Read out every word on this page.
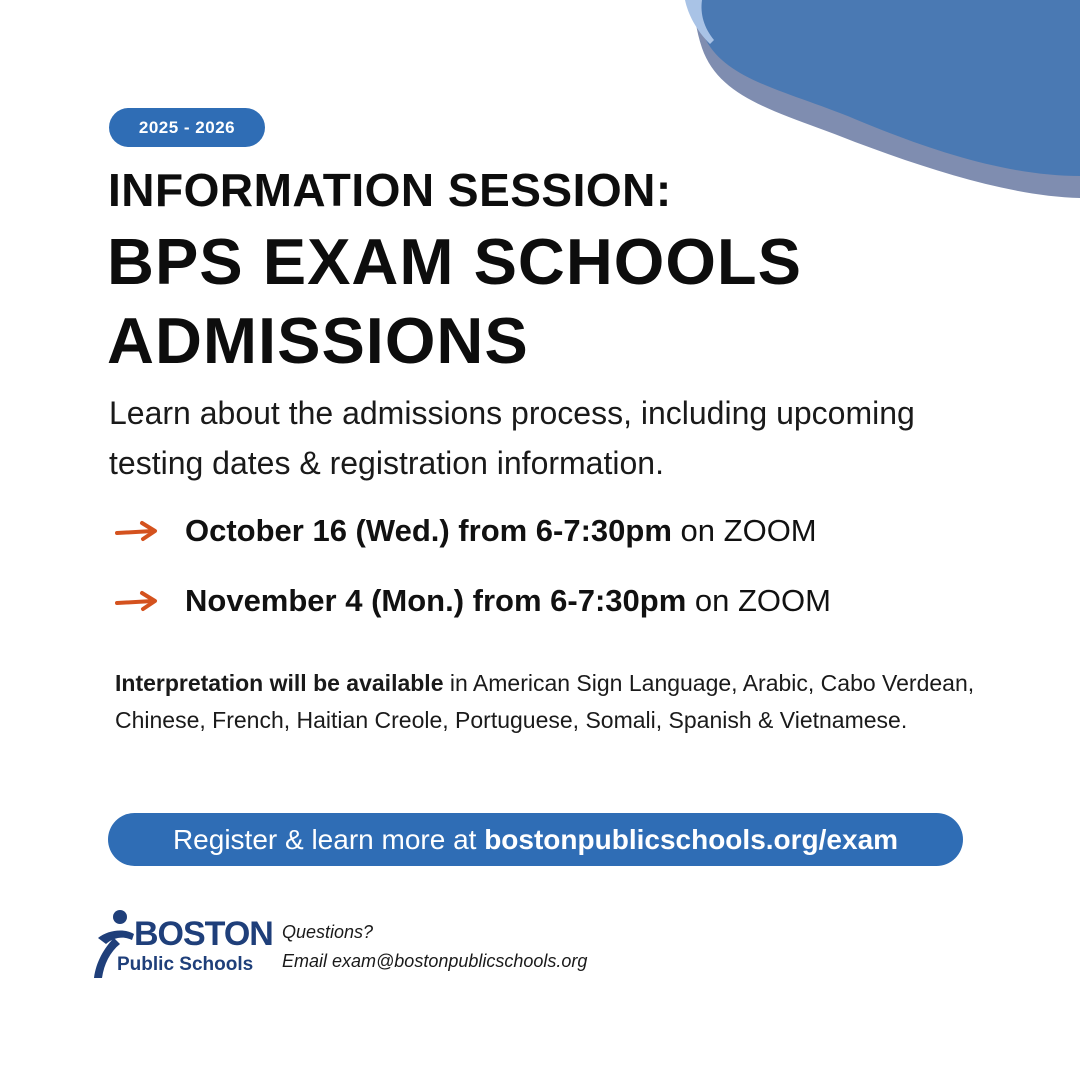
2025 - 2026
INFORMATION SESSION:
BPS EXAM SCHOOLS
ADMISSIONS
Learn about the admissions process, including upcoming testing dates & registration information.
October 16 (Wed.) from 6-7:30pm
on ZOOM
November 4 (Mon.) from 6-7:30pm
on ZOOM
Interpretation will be available in American Sign Language, Arabic, Cabo Verdean, Chinese, French, Haitian Creole, Portuguese, Somali, Spanish & Vietnamese.
Register & learn more at bostonpublicschools.org/exam
BOSTON
Public Schools
Questions?
Email exam@bostonpublicschools.org
